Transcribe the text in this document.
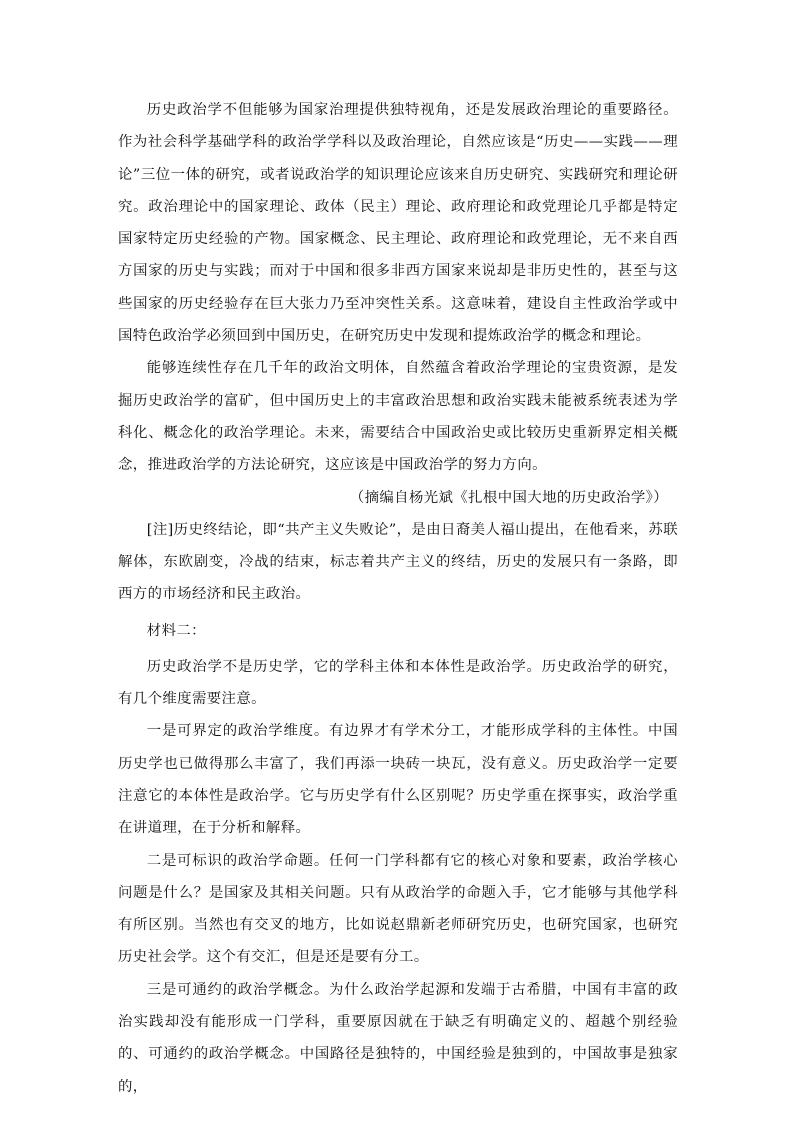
历史政治学不但能够为国家治理提供独特视角，还是发展政治理论的重要路径。作为社会科学基础学科的政治学学科以及政治理论，自然应该是“历史——实践——理论”三位一体的研究，或者说政治学的知识理论应该来自历史研究、实践研究和理论研究。政治理论中的国家理论、政体（民主）理论、政府理论和政党理论几乎都是特定国家特定历史经验的产物。国家概念、民主理论、政府理论和政党理论，无不来自西方国家的历史与实践；而对于中国和很多非西方国家来说却是非历史性的，甚至与这些国家的历史经验存在巨大张力乃至冲突性关系。这意味着，建设自主性政治学或中国特色政治学必须回到中国历史，在研究历史中发现和提炼政治学的概念和理论。

能够连续性存在几千年的政治文明体，自然蕴含着政治学理论的宝贵资源，是发掘历史政治学的富矿，但中国历史上的丰富政治思想和政治实践未能被系统表述为学科化、概念化的政治学理论。未来，需要结合中国政治史或比较历史重新界定相关概念，推进政治学的方法论研究，这应该是中国政治学的努力方向。

（摘编自杨光斌《扎根中国大地的历史政治学》）

[注]历史终结论，即“共产主义失败论”，是由日裔美人福山提出，在他看来，苏联解体，东欧剧变，冷战的结束，标志着共产主义的终结，历史的发展只有一条路，即西方的市场经济和民主政治。

材料二：

历史政治学不是历史学，它的学科主体和本体性是政治学。历史政治学的研究，有几个维度需要注意。

一是可界定的政治学维度。有边界才有学术分工，才能形成学科的主体性。中国历史学也已做得那么丰富了，我们再添一块砖一块瓦，没有意义。历史政治学一定要注意它的本体性是政治学。它与历史学有什么区别呢？历史学重在探事实，政治学重在讲道理，在于分析和解释。

二是可标识的政治学命题。任何一门学科都有它的核心对象和要素，政治学核心问题是什么？是国家及其相关问题。只有从政治学的命题入手，它才能够与其他学科有所区别。当然也有交叉的地方，比如说赵鼎新老师研究历史，也研究国家，也研究历史社会学。这个有交汇，但是还是要有分工。

三是可通约的政治学概念。为什么政治学起源和发端于古希腊，中国有丰富的政治实践却没有能形成一门学科，重要原因就在于缺乏有明确定义的、超越个别经验的、可通约的政治学概念。中国路径是独特的，中国经验是独到的，中国故事是独家的，
